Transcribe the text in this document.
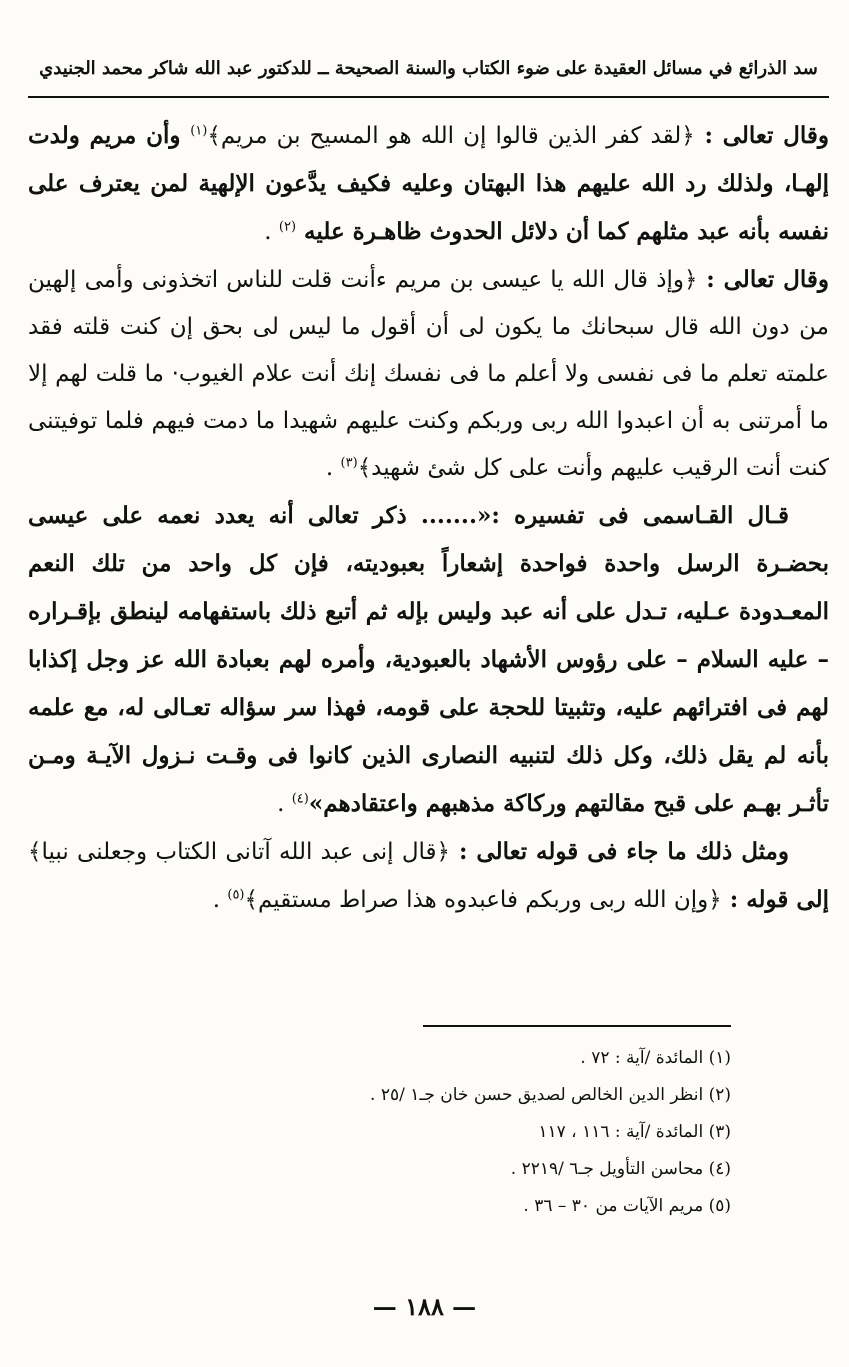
سد الذرائع في مسائل العقيدة على ضوء الكتاب والسنة الصحيحة ــ للدكتور عبد الله شاكر محمد الجنيدي

وقال تعالى : ﴿لقد كفر الذين قالوا إن الله هو المسيح بن مريم﴾$^{(١)}$ وأن مريم ولدت إلهـا، ولذلك رد الله عليهم هذا البهتان وعليه فكيف يدَّعون الإلهية لمن يعترف على نفسه بأنه عبد مثلهم كما أن دلائل الحدوث ظاهـرة عليه $^{(٢)}$ .

وقال تعالى : ﴿وإذ قال الله يا عيسى بن مريم ءأنت قلت للناس اتخذونى وأمى إلهين من دون الله قال سبحانك ما يكون لى أن أقول ما ليس لى بحق إن كنت قلته فقد علمته تعلم ما فى نفسى ولا أعلم ما فى نفسك إنك أنت علام الغيوب· ما قلت لهم إلا ما أمرتنى به أن اعبدوا الله ربى وربكم وكنت عليهم شهيدا ما دمت فيهم فلما توفيتنى كنت أنت الرقيب عليهم وأنت على كل شئ شهيد﴾$^{(٣)}$ .

قـال القـاسمى فى تفسيره :«....... ذكر تعالى أنه يعدد نعمه على عيسى بحضـرة الرسل واحدة فواحدة إشعاراً بعبوديته، فإن كل واحد من تلك النعم المعـدودة عـليه، تـدل على أنه عبد وليس بإله ثم أتبع ذلك باستفهامه لينطق بإقـراره – عليه السلام – على رؤوس الأشهاد بالعبودية، وأمره لهم بعبادة الله عز وجل إكذابا لهم فى افترائهم عليه، وتثبيتا للحجة على قومه، فهذا سر سؤاله تعـالى له، مع علمه بأنه لم يقل ذلك، وكل ذلك لتنبيه النصارى الذين كانوا فى وقـت نـزول الآيـة ومـن تأثـر بهـم على قبح مقالتهم وركاكة مذهبهم واعتقادهم»$^{(٤)}$ .

ومثل ذلك ما جاء فى قوله تعالى : ﴿قال إنى عبد الله آتانى الكتاب وجعلنى نبيا﴾ إلى قوله : ﴿وإن الله ربى وربكم فاعبدوه هذا صراط مستقيم﴾$^{(٥)}$ .

(١) المائدة /آية : ٧٢ .
(٢) انظر الدين الخالص لصديق حسن خان جـ١ /٢٥ .
(٣) المائدة /آية : ١١٦ ، ١١٧
(٤) محاسن التأويل جـ٦ /٢٢١٩ .
(٥) مريم الآيات من ٣٠ – ٣٦ .
— ١٨٨ —
